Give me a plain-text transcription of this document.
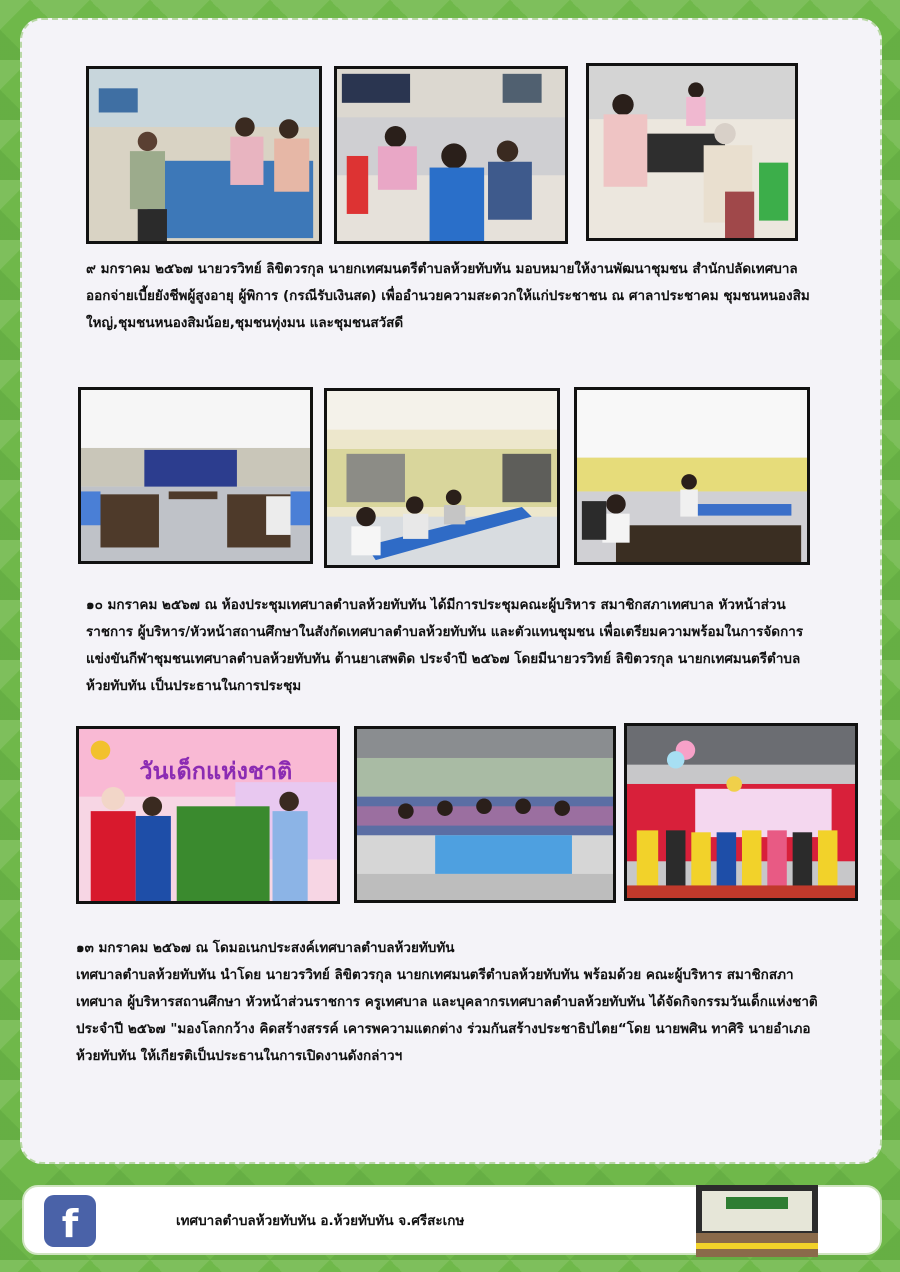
๙ มกราคม ๒๕๖๗ นายวรวิทย์ ลิขิตวรกุล นายกเทศมนตรีตำบลห้วยทับทัน มอบหมายให้งานพัฒนาชุมชน สำนักปลัดเทศบาล ออกจ่ายเบี้ยยังชีพผู้สูงอายุ ผู้พิการ (กรณีรับเงินสด) เพื่ออำนวยความสะดวกให้แก่ประชาชน ณ ศาลาประชาคม ชุมชนหนองสิมใหญ่,ชุมชนหนองสิมน้อย,ชุมชนทุ่งมน และชุมชนสวัสดี

๑๐ มกราคม ๒๕๖๗ ณ ห้องประชุมเทศบาลตำบลห้วยทับทัน ได้มีการประชุมคณะผู้บริหาร สมาชิกสภาเทศบาล หัวหน้าส่วนราชการ ผู้บริหาร/หัวหน้าสถานศึกษาในสังกัดเทศบาลตำบลห้วยทับทัน และตัวแทนชุมชน เพื่อเตรียมความพร้อมในการจัดการแข่งขันกีฬาชุมชนเทศบาลตำบลห้วยทับทัน ต้านยาเสพติด ประจำปี ๒๕๖๗ โดยมีนายวรวิทย์ ลิขิตวรกุล นายกเทศมนตรีตำบลห้วยทับทัน เป็นประธานในการประชุม

วันเด็กแห่งชาติ

๑๓ มกราคม ๒๕๖๗ ณ โดมอเนกประสงค์เทศบาลตำบลห้วยทับทัน

เทศบาลตำบลห้วยทับทัน นำโดย นายวรวิทย์ ลิขิตวรกุล นายกเทศมนตรีตำบลห้วยทับทัน พร้อมด้วย คณะผู้บริหาร สมาชิกสภาเทศบาล ผู้บริหารสถานศึกษา หัวหน้าส่วนราชการ ครูเทศบาล และบุคลากรเทศบาลตำบลห้วยทับทัน ได้จัดกิจกรรมวันเด็กแห่งชาติ ประจำปี ๒๕๖๗ "มองโลกกว้าง คิดสร้างสรรค์ เคารพความแตกต่าง ร่วมกันสร้างประชาธิปไตย“โดย นายพศิน ทาศิริ นายอำเภอห้วยทับทัน ให้เกียรติเป็นประธานในการเปิดงานดังกล่าวฯ

f	เทศบาลตำบลห้วยทับทัน อ.ห้วยทับทัน จ.ศรีสะเกษ
